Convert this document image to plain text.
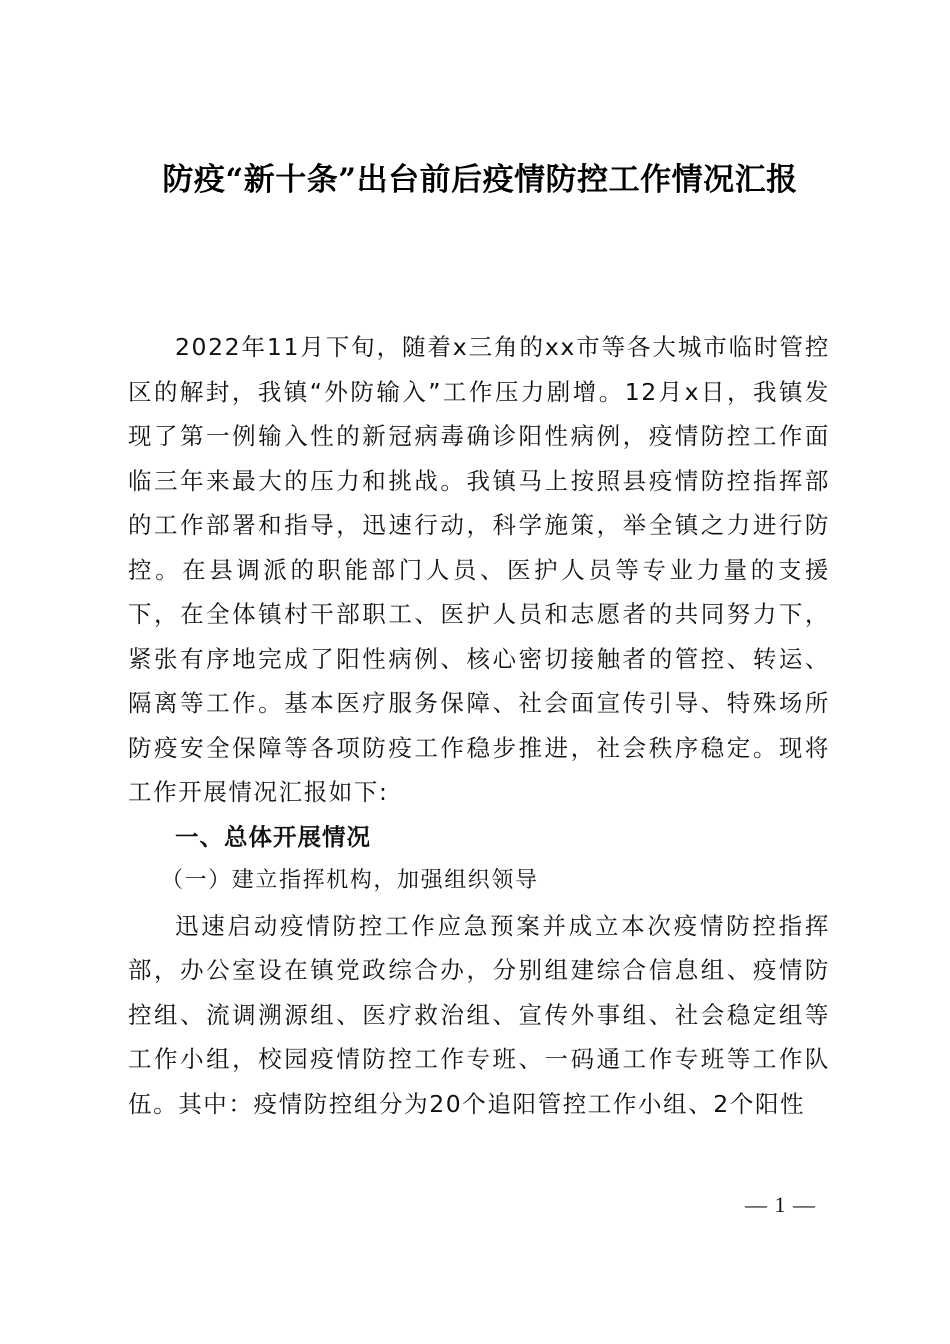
防疫“新十条”出台前后疫情防控工作情况汇报

2022年11月下旬，随着x三角的xx市等各大城市临时管控区的解封，我镇“外防输入”工作压力剧增。12月x日，我镇发现了第一例输入性的新冠病毒确诊阳性病例，疫情防控工作面临三年来最大的压力和挑战。我镇马上按照县疫情防控指挥部的工作部署和指导，迅速行动，科学施策，举全镇之力进行防控。在县调派的职能部门人员、医护人员等专业力量的支援下，在全体镇村干部职工、医护人员和志愿者的共同努力下，紧张有序地完成了阳性病例、核心密切接触者的管控、转运、隔离等工作。基本医疗服务保障、社会面宣传引导、特殊场所防疫安全保障等各项防疫工作稳步推进，社会秩序稳定。现将工作开展情况汇报如下:

一、总体开展情况

（一）建立指挥机构，加强组织领导

迅速启动疫情防控工作应急预案并成立本次疫情防控指挥部，办公室设在镇党政综合办，分别组建综合信息组、疫情防控组、流调溯源组、医疗救治组、宣传外事组、社会稳定组等工作小组，校园疫情防控工作专班、一码通工作专班等工作队伍。其中：疫情防控组分为20个追阳管控工作小组、2个阳性

— 1 —
